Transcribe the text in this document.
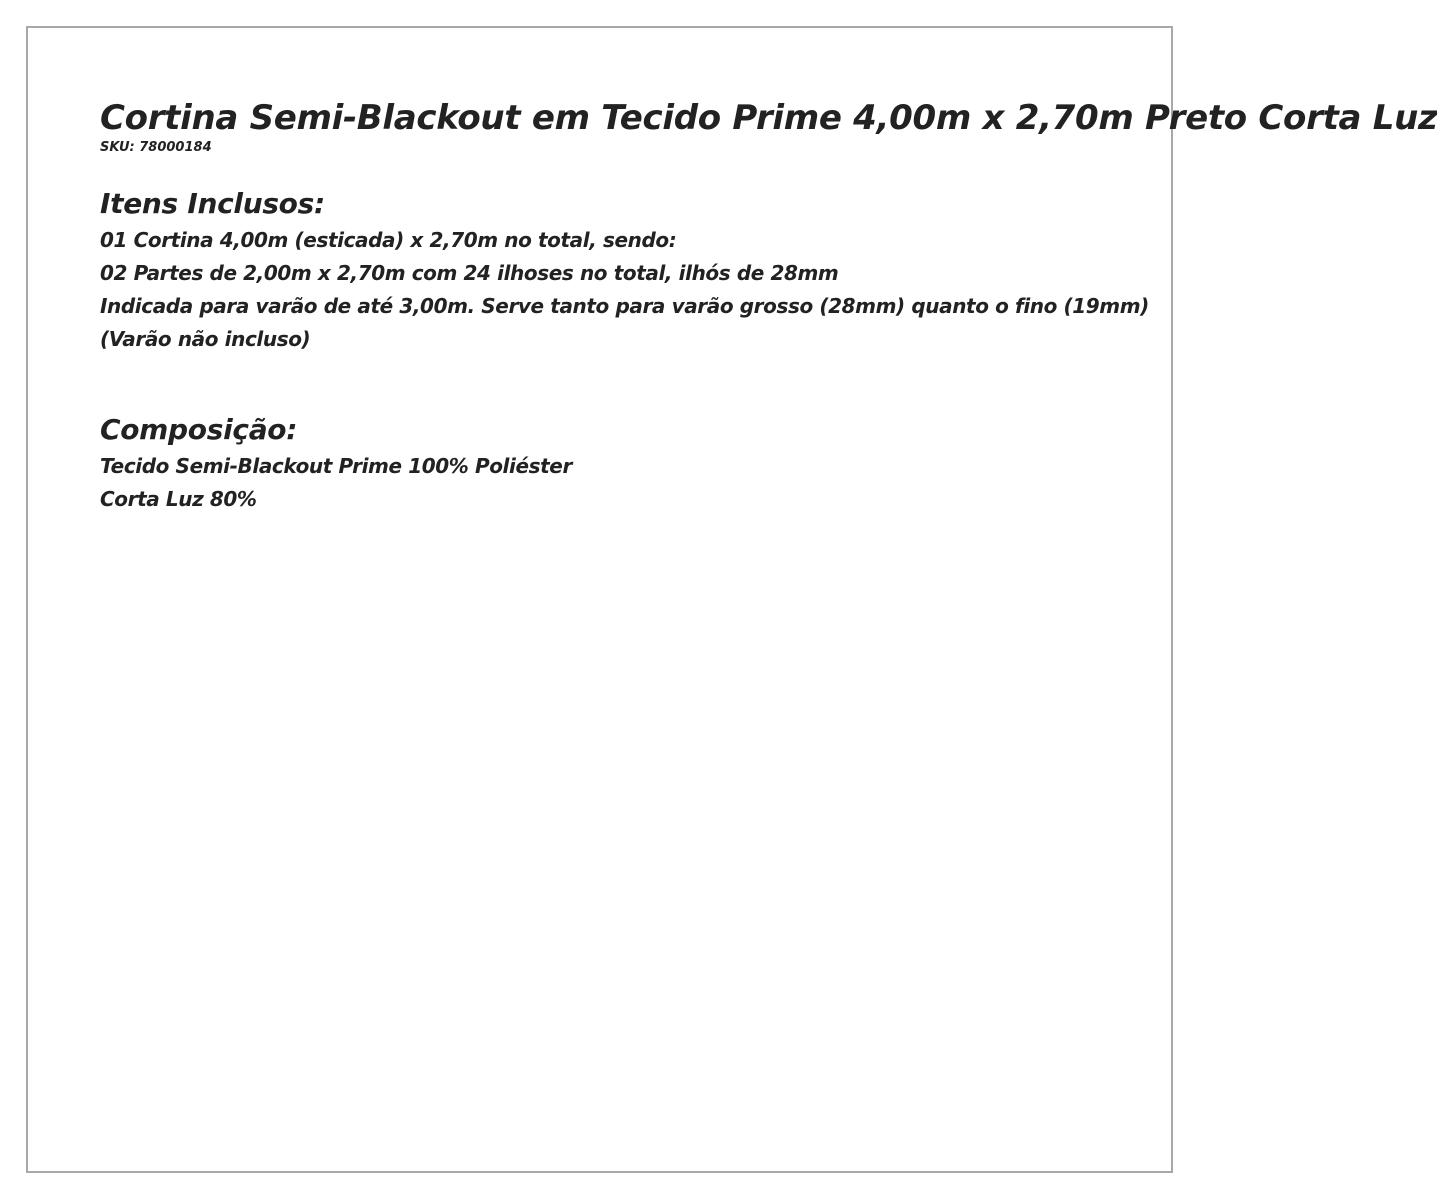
Cortina Semi-Blackout em Tecido Prime 4,00m x 2,70m Preto Corta Luz

SKU: 78000184

Itens Inclusos:

01 Cortina 4,00m (esticada) x 2,70m no total, sendo:

02 Partes de 2,00m x 2,70m com 24 ilhoses no total, ilhós de 28mm

Indicada para varão de até 3,00m. Serve tanto para varão grosso (28mm) quanto o fino (19mm)

(Varão não incluso)

Composição:

Tecido Semi-Blackout Prime 100% Poliéster

Corta Luz 80%
